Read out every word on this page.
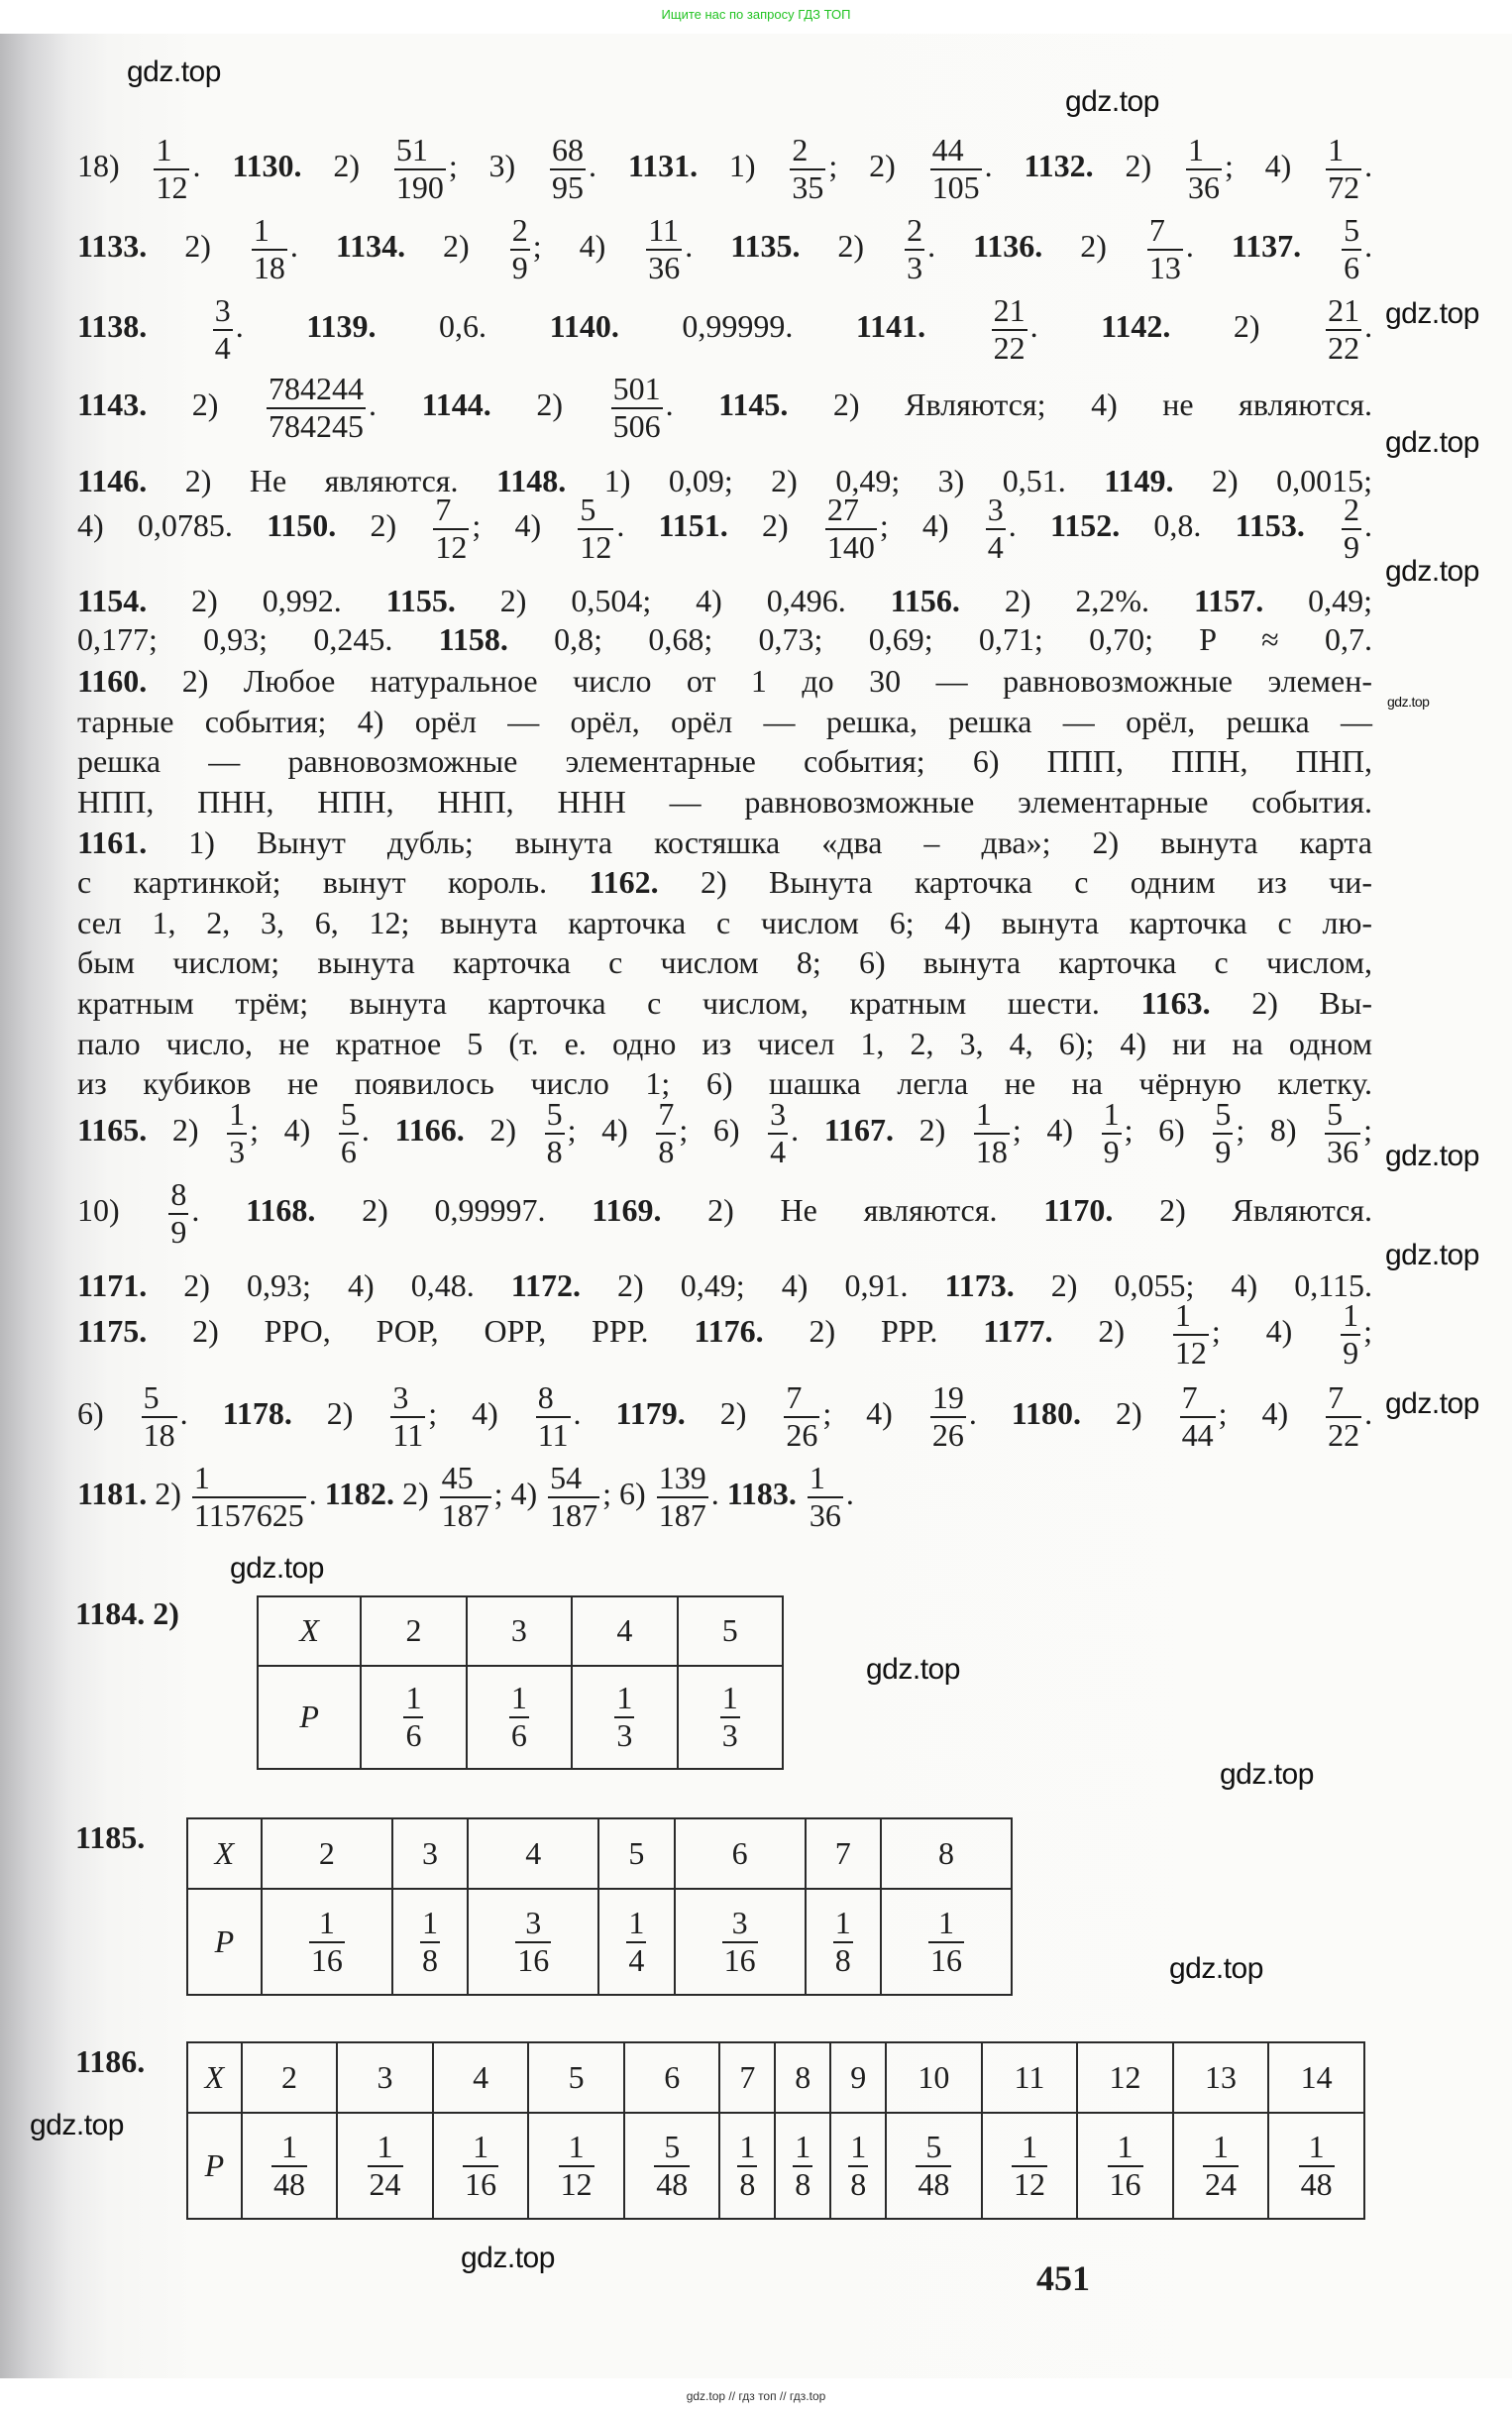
Ищите нас по запросу ГДЗ ТОП
$18) \frac{1}{12}$ . 1130. $2) \frac{51}{190}$ ; $3) \frac{68}{95}$ . 1131. $1) \frac{2}{35}$ ; $2) \frac{44}{105}$ . 1132. $2) \frac{1}{36}$ ; $4) \frac{1}{72}$ .
1133. $2) \frac{1}{18}$ . 1134. $2) \frac{2}{9}$ ; $4) \frac{11}{36}$ . 1135. $2) \frac{2}{3}$ . 1136. $2) \frac{7}{13}$ . 1137. $\frac{5}{6}$ .
1138. $\frac{3}{4}$ . 1139. 0,6. 1140. 0,99999. 1141. $\frac{21}{22}$ . 1142. $2) \frac{21}{22}$ .
1143. $2) \frac{784244}{784245}$ . 1144. $2) \frac{501}{506}$ . 1145. 2) Являются; 4) не являются.
1146. 2) Не являются. 1148. 1) 0,09; 2) 0,49; 3) 0,51. 1149. 2) 0,0015;
4) 0,0785. 1150. $2) \frac{7}{12}$ ; $4) \frac{5}{12}$ . 1151. $2) \frac{27}{140}$ ; $4) \frac{3}{4}$ . 1152. 0,8. 1153. $\frac{2}{9}$ .
1154. 2) 0,992. 1155. 2) 0,504; 4) 0,496. 1156. 2) 2,2%. 1157. 0,49;
0,177; 0,93; 0,245. 1158. 0,8; 0,68; 0,73; 0,69; 0,71; 0,70; P ≈ 0,7.
1160. 2) Любое натуральное число от 1 до 30 — равновозможные элемен-
тарные события; 4) орёл — орёл, орёл — решка, решка — орёл, решка —
решка — равновозможные элементарные события; 6) ППП, ППН, ПНП,
НПП, ПНН, НПН, ННП, ННН — равновозможные элементарные события.
1161. 1) Вынут дубль; вынута костяшка «два – два»; 2) вынута карта
с картинкой; вынут король. 1162. 2) Вынута карточка с одним из чи-
сел 1, 2, 3, 6, 12; вынута карточка с числом 6; 4) вынута карточка с лю-
бым числом; вынута карточка с числом 8; 6) вынута карточка с числом,
кратным трём; вынута карточка с числом, кратным шести. 1163. 2) Вы-
пало число, не кратное 5 (т. е. одно из чисел 1, 2, 3, 4, 6); 4) ни на одном
из кубиков не появилось число 1; 6) шашка легла не на чёрную клетку.
1165. $2) \frac{1}{3}$ ; $4) \frac{5}{6}$ . 1166. $2) \frac{5}{8}$ ; $4) \frac{7}{8}$ ; $6) \frac{3}{4}$ . 1167. $2) \frac{1}{18}$ ; $4) \frac{1}{9}$ ; $6) \frac{5}{9}$ ; $8) \frac{5}{36}$ ;
$10) \frac{8}{9}$ . 1168. 2) 0,99997. 1169. 2) Не являются. 1170. 2) Являются.
1171. 2) 0,93; 4) 0,48. 1172. 2) 0,49; 4) 0,91. 1173. 2) 0,055; 4) 0,115.
1175. 2) РРО, РОР, ОРР, РРР. 1176. 2) РРР. 1177. $2) \frac{1}{12}$ ; $4) \frac{1}{9}$ ;
$6) \frac{5}{18}$ . 1178. $2) \frac{3}{11}$ ; $4) \frac{8}{11}$ . 1179. $2) \frac{7}{26}$ ; $4) \frac{19}{26}$ . 1180. $2) \frac{7}{44}$ ; $4) \frac{7}{22}$ .
1181. $2) \frac{1}{1157625}$ . 1182. $2) \frac{45}{187}$ ; $4) \frac{54}{187}$ ; $6) \frac{139}{187}$ . 1183. $\frac{1}{36}$ .
1184. 2)	X	2	3	4	5
P	$\frac{1}{6}$	$\frac{1}{6}$	$\frac{1}{3}$	$\frac{1}{3}$
1185. X	2	3	4	5	6	7	8
P	$\frac{1}{16}$	$\frac{1}{8}$	$\frac{3}{16}$	$\frac{1}{4}$	$\frac{3}{16}$	$\frac{1}{8}$	$\frac{1}{16}$
1186. X	2	3	4	5	6	7	8	9	10	11	12	13	14
P	$\frac{1}{48}$	$\frac{1}{24}$	$\frac{1}{16}$	$\frac{1}{12}$	$\frac{5}{48}$	$\frac{1}{8}$	$\frac{1}{8}$	$\frac{1}{8}$	$\frac{5}{48}$	$\frac{1}{12}$	$\frac{1}{16}$	$\frac{1}{24}$	$\frac{1}{48}$
451
gdz.top
gdz.top
gdz.top
gdz.top
gdz.top
gdz.top
gdz.top
gdz.top
gdz.top
gdz.top
gdz.top
gdz.top
gdz.top
gdz.top
gdz.top
gdz.top // гдз топ // гдз.top
